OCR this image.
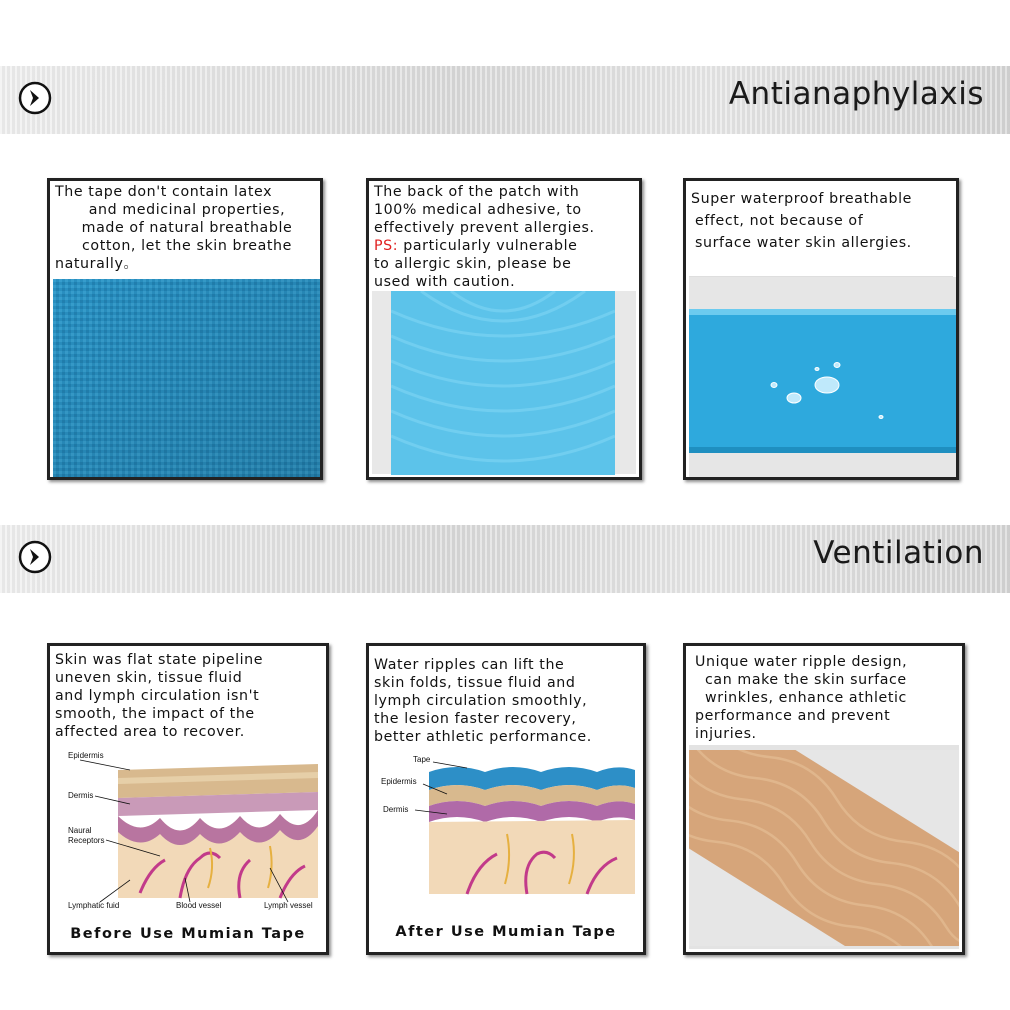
Antianaphylaxis
The tape don't contain latex
and medicinal properties,
made of natural breathable
cotton, let the skin breathe
naturally。
The back of the patch with
100% medical adhesive, to
effectively prevent allergies.
PS: particularly vulnerable
to allergic skin, please be
used with caution.
Super waterproof breathable
effect, not because of
surface water skin allergies.
Ventilation
Skin was flat state pipeline
uneven skin, tissue fluid
and lymph circulation isn't
smooth, the impact of the
affected area to recover.
Epidermis
Dermis
Naural
Receptors
Lymphatic fuid	Blood vessel	Lymph vessel
Before Use Mumian Tape
Water ripples can lift the
skin folds, tissue fluid and
lymph circulation smoothly,
the lesion faster recovery,
better athletic performance.
Tape
Epidermis
Dermis
After Use Mumian Tape
Unique water ripple design,
can make the skin surface
wrinkles, enhance athletic
performance and prevent
injuries.
